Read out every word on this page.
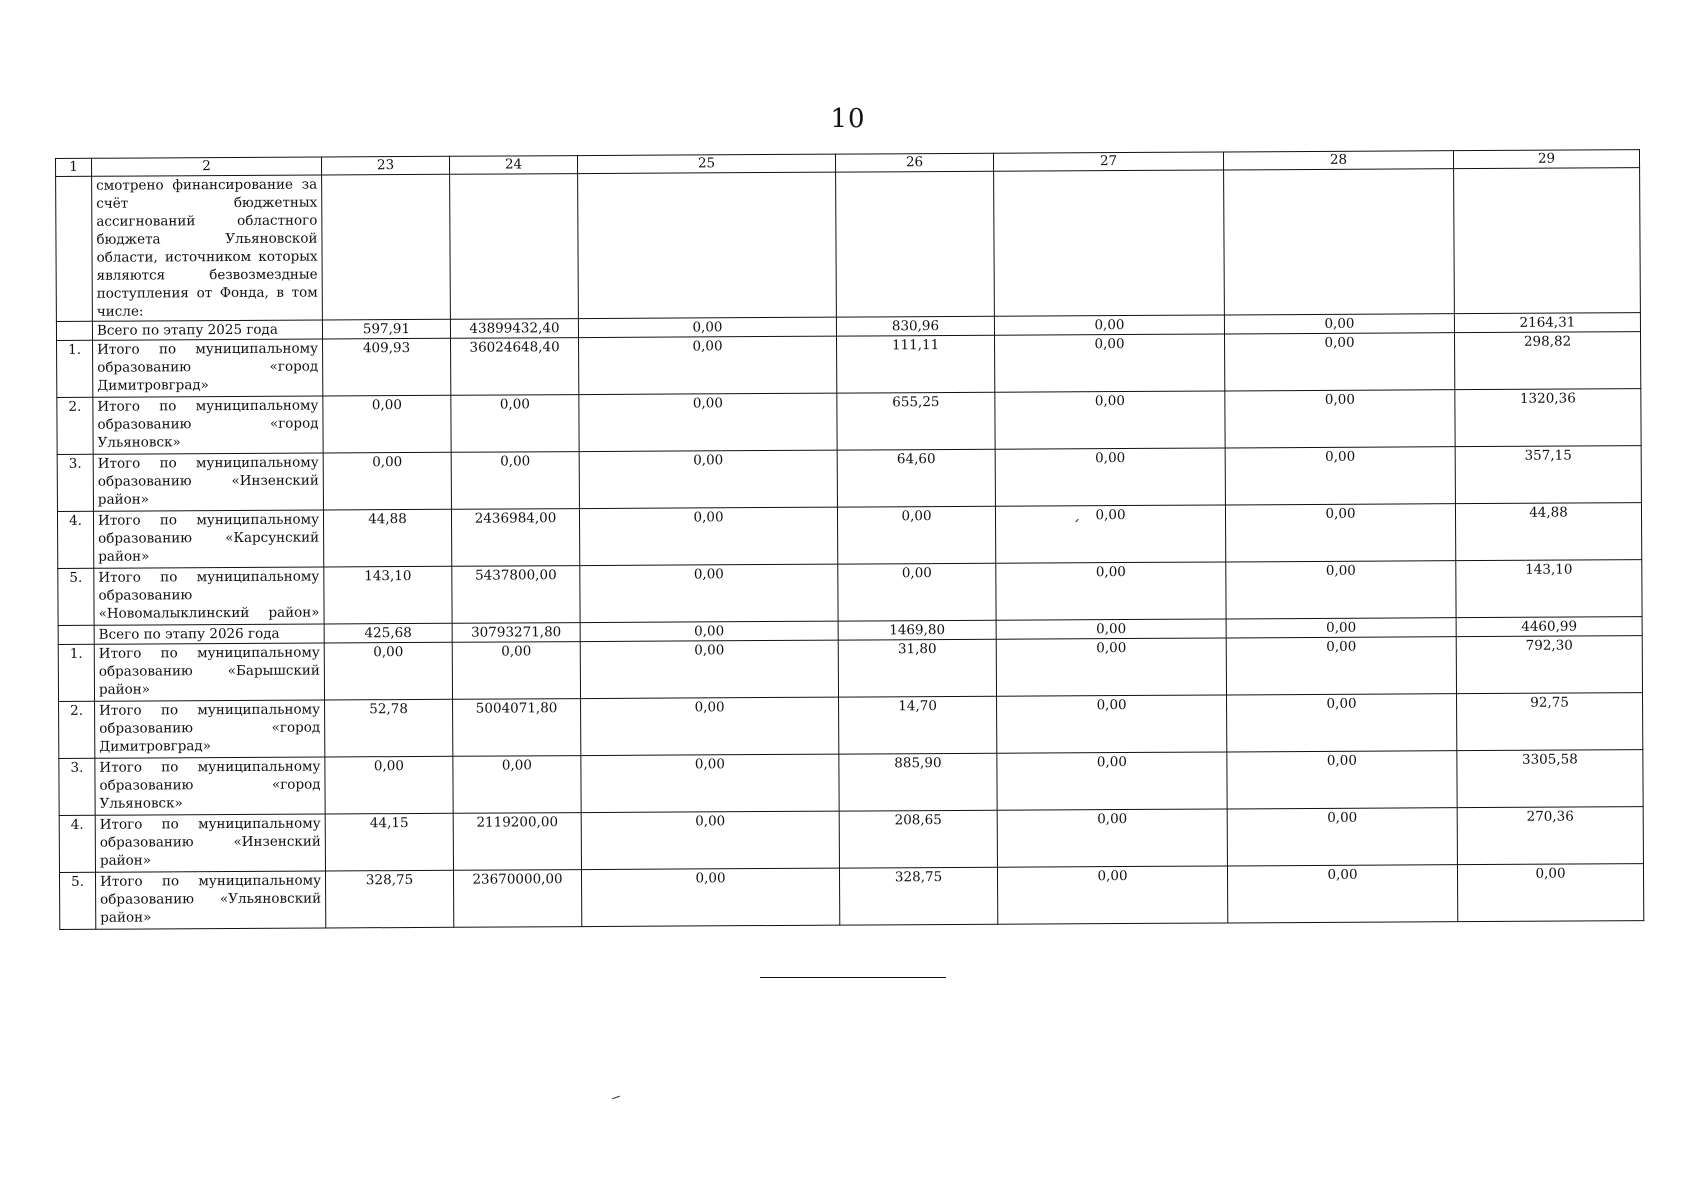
10
1	2	23	24	25	26	27	28	29
	смотрено финансирование за счёт бюджетных ассигнований областного бюджета Ульяновской области, источником которых являются безвозмездные поступления от Фонда, в том числе:							
	Всего по этапу 2025 года	597,91	43899432,40	0,00	830,96	0,00	0,00	2164,31
1.	Итого по муниципальному образованию «город Димитровград»	409,93	36024648,40	0,00	111,11	0,00	0,00	298,82
2.	Итого по муниципальному образованию «город Ульяновск»	0,00	0,00	0,00	655,25	0,00	0,00	1320,36
3.	Итого по муниципальному образованию «Инзенский район»	0,00	0,00	0,00	64,60	0,00	0,00	357,15
4.	Итого по муниципальному образованию «Карсунский район»	44,88	2436984,00	0,00	0,00	0,00	0,00	44,88
5.	Итого по муниципальному образованию «Новомалыклинский район»	143,10	5437800,00	0,00	0,00	0,00	0,00	143,10
	Всего по этапу 2026 года	425,68	30793271,80	0,00	1469,80	0,00	0,00	4460,99
1.	Итого по муниципальному образованию «Барышский район»	0,00	0,00	0,00	31,80	0,00	0,00	792,30
2.	Итого по муниципальному образованию «город Димитровград»	52,78	5004071,80	0,00	14,70	0,00	0,00	92,75
3.	Итого по муниципальному образованию «город Ульяновск»	0,00	0,00	0,00	885,90	0,00	0,00	3305,58
4.	Итого по муниципальному образованию «Инзенский район»	44,15	2119200,00	0,00	208,65	0,00	0,00	270,36
5.	Итого по муниципальному образованию «Ульяновский район»	328,75	23670000,00	0,00	328,75	0,00	0,00	0,00
